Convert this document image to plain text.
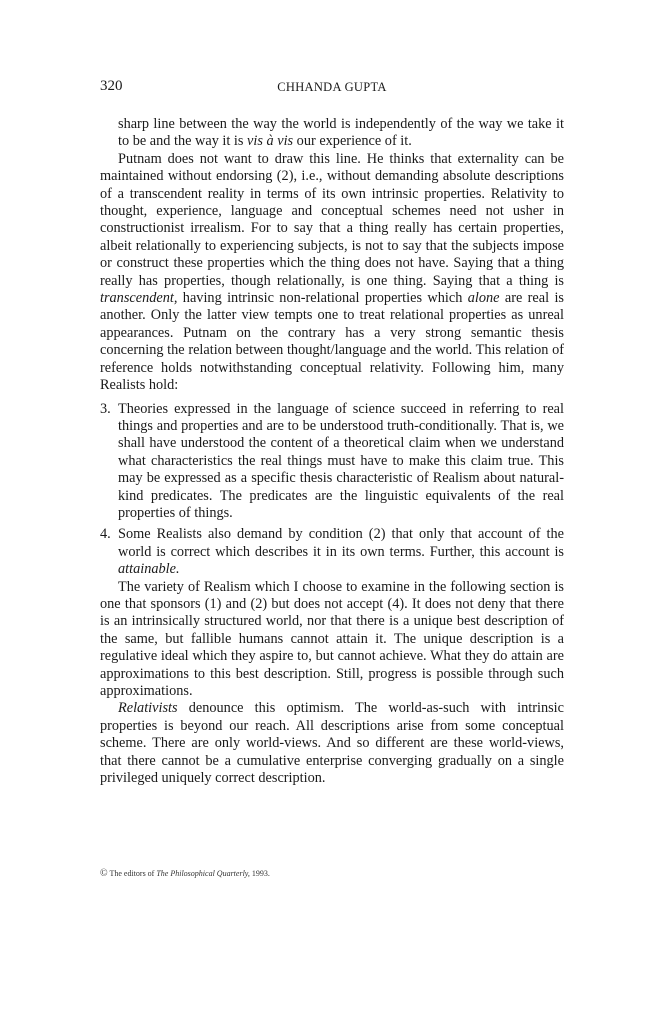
320	CHHANDA GUPTA

sharp line between the way the world is independently of the way we take it to be and the way it is vis à vis our experience of it.

Putnam does not want to draw this line. He thinks that externality can be maintained without endorsing (2), i.e., without demanding absolute descriptions of a transcendent reality in terms of its own intrinsic properties. Relativity to thought, experience, language and conceptual schemes need not usher in constructionist irrealism. For to say that a thing really has certain properties, albeit relationally to experiencing subjects, is not to say that the subjects impose or construct these properties which the thing does not have. Saying that a thing really has properties, though relationally, is one thing. Saying that a thing is transcendent, having intrinsic non-relational properties which alone are real is another. Only the latter view tempts one to treat relational properties as unreal appearances. Putnam on the contrary has a very strong semantic thesis concerning the relation between thought/language and the world. This relation of reference holds notwithstanding conceptual relativity. Following him, many Realists hold:

3. Theories expressed in the language of science succeed in referring to real things and properties and are to be understood truth-conditionally. That is, we shall have understood the content of a theoretical claim when we understand what characteristics the real things must have to make this claim true. This may be expressed as a specific thesis characteristic of Realism about natural-kind predicates. The predicates are the linguistic equivalents of the real properties of things.
4. Some Realists also demand by condition (2) that only that account of the world is correct which describes it in its own terms. Further, this account is attainable.

The variety of Realism which I choose to examine in the following section is one that sponsors (1) and (2) but does not accept (4). It does not deny that there is an intrinsically structured world, nor that there is a unique best description of the same, but fallible humans cannot attain it. The unique description is a regulative ideal which they aspire to, but cannot achieve. What they do attain are approximations to this best description. Still, progress is possible through such approximations.

Relativists denounce this optimism. The world-as-such with intrinsic properties is beyond our reach. All descriptions arise from some conceptual scheme. There are only world-views. And so different are these world-views, that there cannot be a cumulative enterprise converging gradually on a single privileged uniquely correct description.

© The editors of The Philosophical Quarterly, 1993.
